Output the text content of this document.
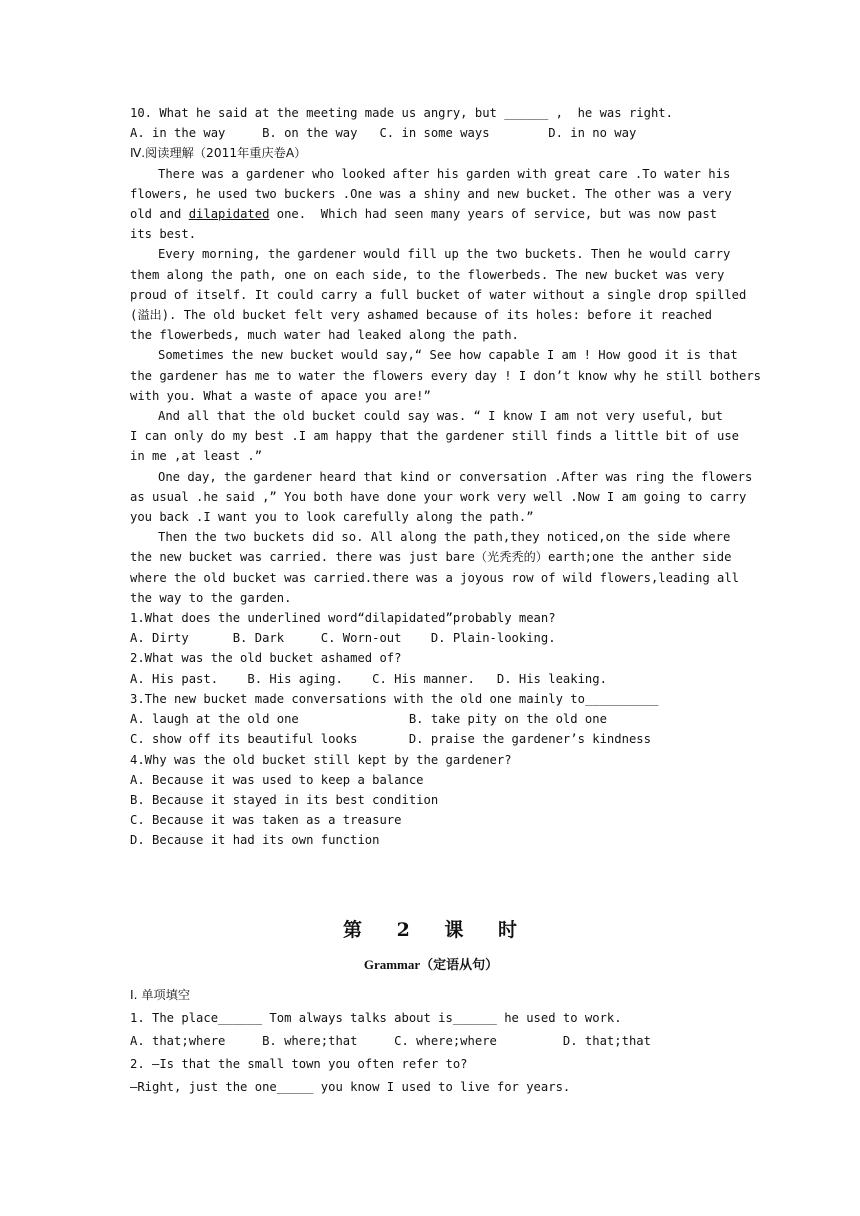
10. What he said at the meeting made us angry, but ______ ,  he was right.
A. in the way     B. on the way   C. in some ways        D. in no way
Ⅳ.阅读理解（2011年重庆卷A）
There was a gardener who looked after his garden with great care .To water his
flowers, he used two buckers .One was a shiny and new bucket. The other was a very
old and dilapidated one.  Which had seen many years of service, but was now past
its best.
Every morning, the gardener would fill up the two buckets. Then he would carry
them along the path, one on each side, to the flowerbeds. The new bucket was very
proud of itself. It could carry a full bucket of water without a single drop spilled
(溢出). The old bucket felt very ashamed because of its holes: before it reached
the flowerbeds, much water had leaked along the path.
Sometimes the new bucket would say,“ See how capable I am ! How good it is that
the gardener has me to water the flowers every day ! I don’t know why he still bothers
with you. What a waste of apace you are!”
And all that the old bucket could say was. “ I know I am not very useful, but
I can only do my best .I am happy that the gardener still finds a little bit of use
in me ,at least .”
One day, the gardener heard that kind or conversation .After was ring the flowers
as usual .he said ,” You both have done your work very well .Now I am going to carry
you back .I want you to look carefully along the path.”
Then the two buckets did so. All along the path,they noticed,on the side where
the new bucket was carried. there was just bare（光秃秃的）earth;one the anther side
where the old bucket was carried.there was a joyous row of wild flowers,leading all
the way to the garden.
1.What does the underlined word“dilapidated”probably mean?
A. Dirty      B. Dark     C. Worn-out    D. Plain-looking.
2.What was the old bucket ashamed of?
A. His past.    B. His aging.    C. His manner.   D. His leaking.
3.The new bucket made conversations with the old one mainly to__________
A. laugh at the old one               B. take pity on the old one
C. show off its beautiful looks       D. praise the gardener’s kindness
4.Why was the old bucket still kept by the gardener?
A. Because it was used to keep a balance
B. Because it stayed in its best condition
C. Because it was taken as a treasure
D. Because it had its own function
第 2 课 时
Grammar（定语从句）
Ⅰ. 单项填空
1. The place______ Tom always talks about is______ he used to work.
A. that;where     B. where;that     C. where;where         D. that;that
2. —Is that the small town you often refer to?
—Right, just the one_____ you know I used to live for years.
